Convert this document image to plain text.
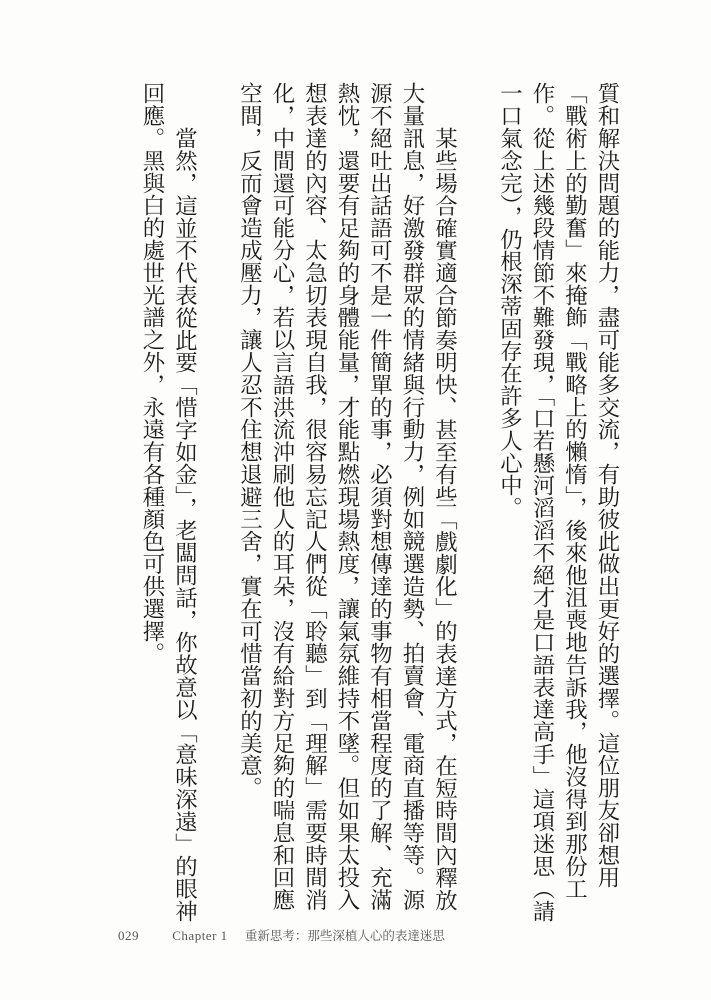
質和解決問題的能力，盡可能多交流，有助彼此做出更好的選擇。這位朋友卻想用「戰術上的勤奮」來掩飾「戰略上的懶惰」，後來他沮喪地告訴我，他沒得到那份工作。從上述幾段情節不難發現，「口若懸河滔滔不絕才是口語表達高手」這項迷思（請一口氣念完），仍根深蒂固存在許多人心中。

某些場合確實適合節奏明快、甚至有些「戲劇化」的表達方式，在短時間內釋放大量訊息，好激發群眾的情緒與行動力，例如競選造勢、拍賣會、電商直播等等。源源不絕吐出話語可不是一件簡單的事，必須對想傳達的事物有相當程度的了解、充滿熱忱，還要有足夠的身體能量，才能點燃現場熱度，讓氣氛維持不墜。但如果太投入想表達的內容、太急切表現自我，很容易忘記人們從「聆聽」到「理解」需要時間消化，中間還可能分心，若以言語洪流沖刷他人的耳朵，沒有給對方足夠的喘息和回應空間，反而會造成壓力，讓人忍不住想退避三舍，實在可惜當初的美意。

當然，這並不代表從此要「惜字如金」，老闆問話，你故意以「意味深遠」的眼神回應。黑與白的處世光譜之外，永遠有各種顏色可供選擇。

029	Chapter 1 重新思考：那些深植人心的表達迷思
